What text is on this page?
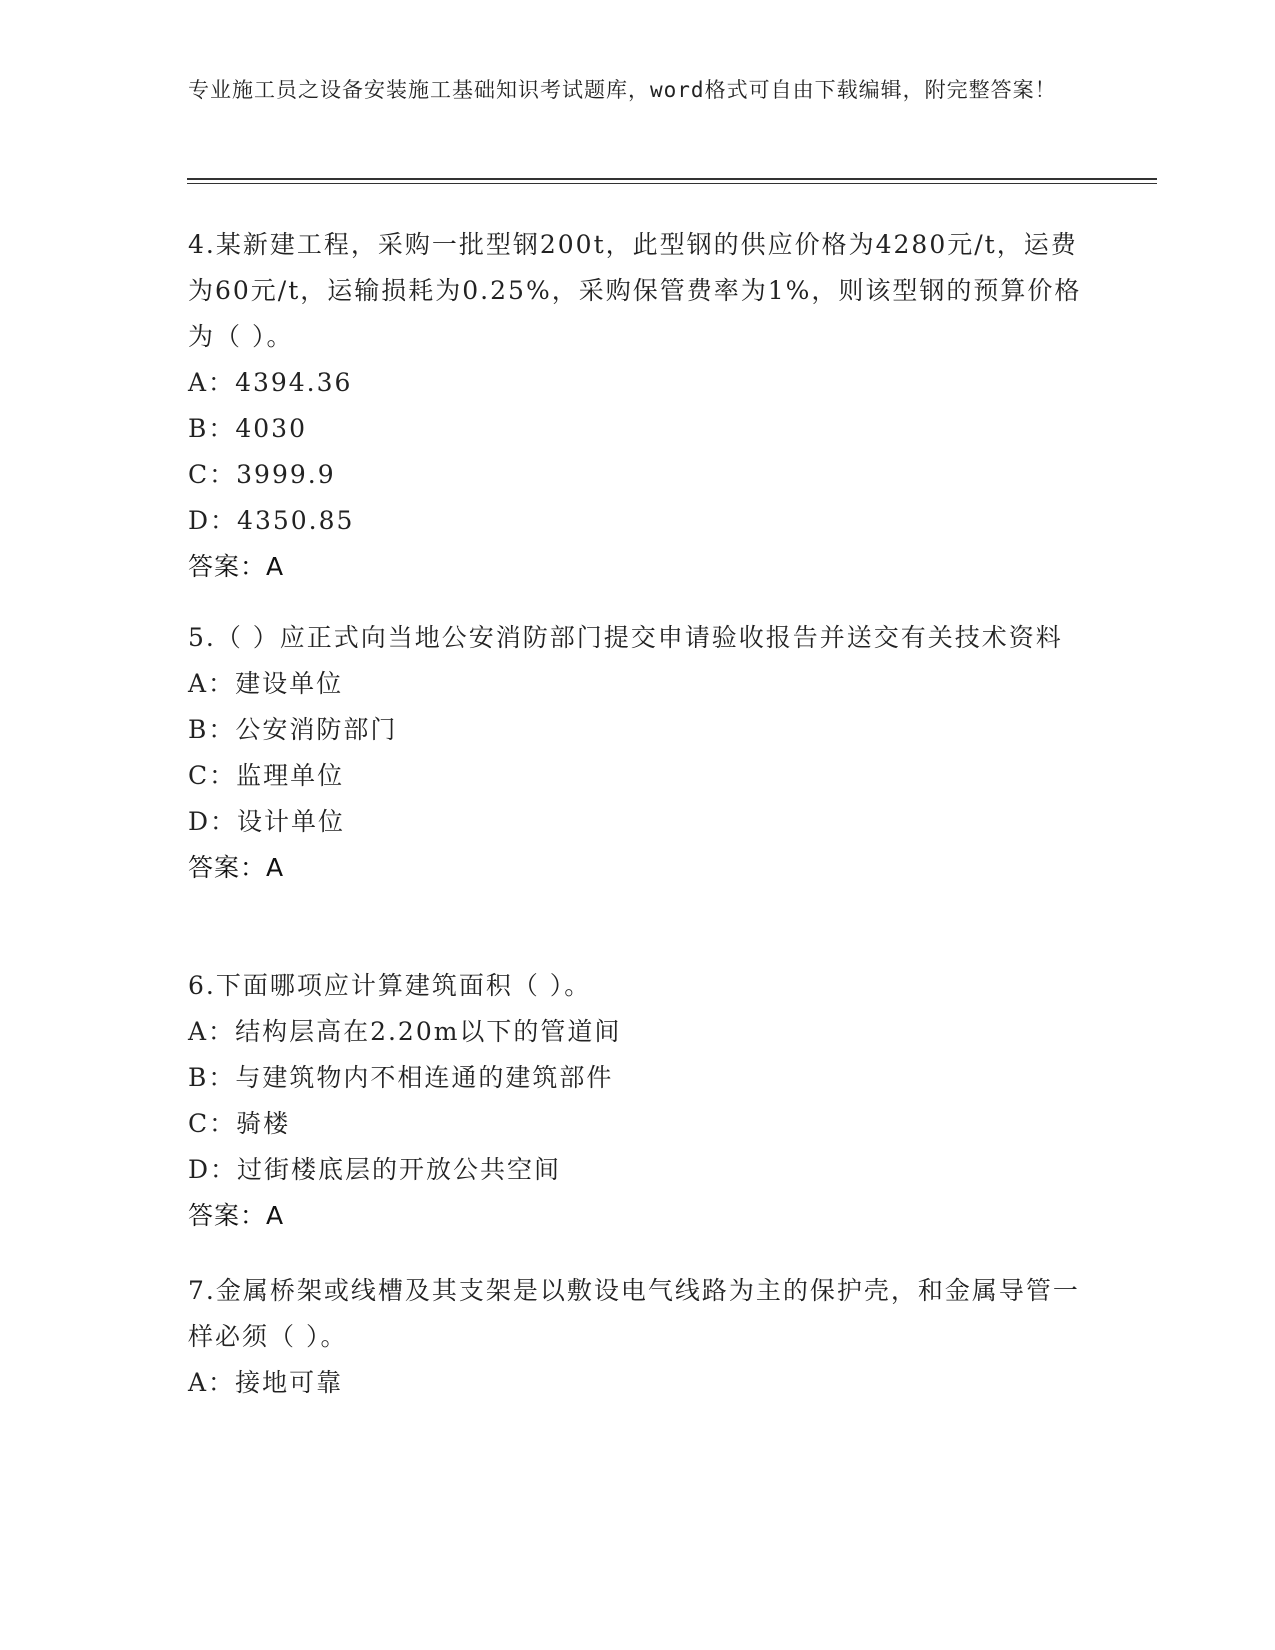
专业施工员之设备安装施工基础知识考试题库，word格式可自由下载编辑，附完整答案！

4.某新建工程，采购一批型钢200t，此型钢的供应价格为4280元/t，运费为60元/t，运输损耗为0.25%，采购保管费率为1%，则该型钢的预算价格为（ ）。

A：4394.36

B：4030

C：3999.9

D：4350.85

答案：A

5.（ ）应正式向当地公安消防部门提交申请验收报告并送交有关技术资料

A：建设单位

B：公安消防部门

C：监理单位

D：设计单位

答案：A

6.下面哪项应计算建筑面积（ ）。

A：结构层高在2.20m以下的管道间

B：与建筑物内不相连通的建筑部件

C：骑楼

D：过街楼底层的开放公共空间

答案：A

7.金属桥架或线槽及其支架是以敷设电气线路为主的保护壳，和金属导管一样必须（ ）。

A：接地可靠
